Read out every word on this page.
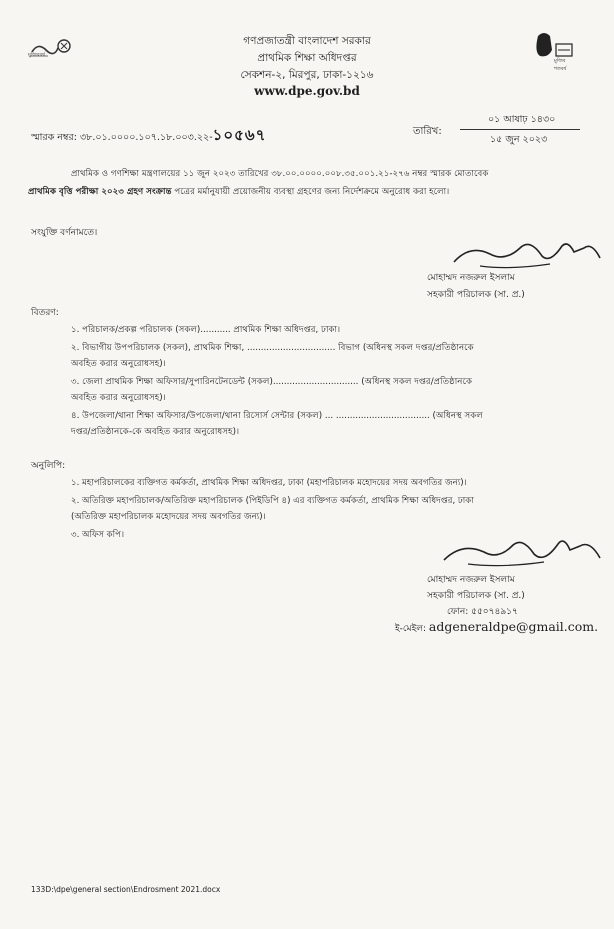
মুজিববর্ষ
মুজিব শতবর্ষ
গণপ্রজাতন্ত্রী বাংলাদেশ সরকার
প্রাথমিক শিক্ষা অধিদপ্তর
সেকশন-২, মিরপুর, ঢাকা-১২১৬
www.dpe.gov.bd
স্মারক নম্বর: ৩৮.০১.০০০০.১০৭.১৮.০০৩.২২-১০৫৬৭	তারিখ:
০১ আষাঢ় ১৪৩০
১৫ জুন ২০২৩
প্রাথমিক ও গণশিক্ষা মন্ত্রণালয়ের ১১ জুন ২০২৩ তারিখের ৩৮.০০.০০০০.০০৮.৩৫.০০১.২১-২৭৬ নম্বর স্মারক মোতাবেক
প্রাথমিক বৃত্তি পরীক্ষা ২০২৩ গ্রহণ সংক্রান্ত পত্রের মর্মানুযায়ী প্রয়োজনীয় ব্যবস্থা গ্রহণের জন্য নির্দেশক্রমে অনুরোধ করা হলো।
সংযুক্তি বর্ণনামতে।
মোহাম্মদ নজরুল ইসলাম
সহকারী পরিচালক (সা. প্র.)
বিতরণ:
১. পরিচালক/প্রকল্প পরিচালক (সকল)........... প্রাথমিক শিক্ষা অধিদপ্তর, ঢাকা।
২. বিভাগীয় উপপরিচালক (সকল), প্রাথমিক শিক্ষা, ................................ বিভাগ (অধিনস্থ সকল দপ্তর/প্রতিষ্ঠানকে
অবহিত করার অনুরোধসহ)।
৩. জেলা প্রাথমিক শিক্ষা অফিসার/সুপারিনটেনডেন্ট (সকল)............................... (অধিনস্থ সকল দপ্তর/প্রতিষ্ঠানকে
অবহিত করার অনুরোধসহ)।
৪. উপজেলা/থানা শিক্ষা অফিসার/উপজেলা/থানা রিসোর্স সেন্টার (সকল) ... .................................. (অধিনস্থ সকল
দপ্তর/প্রতিষ্ঠানকে-কে অবহিত করার অনুরোধসহ)।
অনুলিপি:
১. মহাপরিচালকের ব্যক্তিগত কর্মকর্তা, প্রাথমিক শিক্ষা অধিদপ্তর, ঢাকা (মহাপরিচালক মহোদয়ের সদয় অবগতির জন্য)।
২. অতিরিক্ত মহাপরিচালক/অতিরিক্ত মহাপরিচালক (পিইডিপি ৪) এর ব্যক্তিগত কর্মকর্তা, প্রাথমিক শিক্ষা অধিদপ্তর, ঢাকা
(অতিরিক্ত মহাপরিচালক মহোদয়ের সদয় অবগতির জন্য)।
৩. অফিস কপি।
মোহাম্মদ নজরুল ইসলাম
সহকারী পরিচালক (সা. প্র.)
ফোন: ৫৫০৭৪৯১৭
ই-মেইল: adgeneraldpe@gmail.com.
133D:\dpe\general section\Endrosment 2021.docx
